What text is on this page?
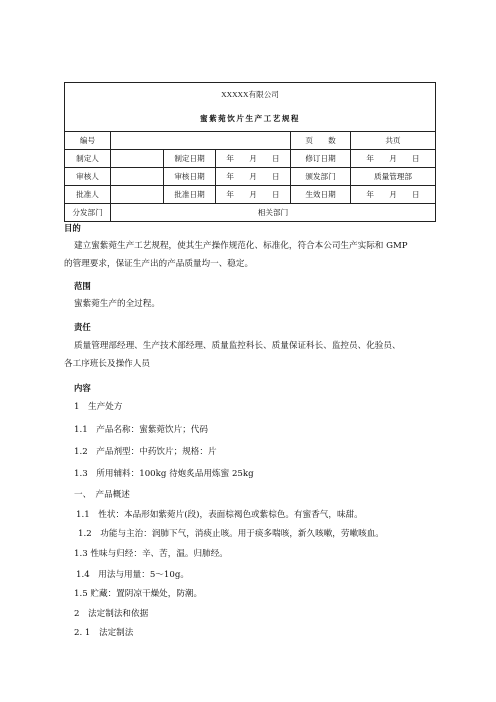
XXXXX有限公司					
蜜紫菀饮片生产工艺规程					
编号				页　　数	共页
制定人		制定日期	年　　月　　日	修订日期	年　　月　　日
审核人		审核日期	年　　月　　日	颁发部门	质量管理部
批准人		批准日期	年　　月　　日	生效日期	年　　月　　日
分发部门	相关部门				
目的
建立蜜紫菀生产工艺规程，使其生产操作规范化、标准化，符合本公司生产实际和 GMP
的管理要求，保证生产出的产品质量均一、稳定。
范围
蜜紫菀生产的全过程。
责任
质量管理部经理、生产技术部经理、质量监控科长、质量保证科长、监控员、化验员、
各工序班长及操作人员
内容
1　生产处方
1.1　产品名称：蜜紫菀饮片；代码
1.2　产品剂型：中药饮片；规格：片
1.3　所用辅料：100kg 待炮炙品用炼蜜 25kg
一、　产品概述
1.1　性状：本品形如紫菀片(段)，表面棕褐色或紫棕色。有蜜香气，味甜。
1.2　功能与主治：润肺下气，消痰止咳。用于痰多喘咳，新久咳嗽，劳嗽咳血。
1.3 性味与归经：辛、苦，温。归肺经。
1.4　用法与用量：5～10g。
1.5 贮藏：置阴凉干燥处，防潮。
2　法定制法和依据
2. 1　法定制法
